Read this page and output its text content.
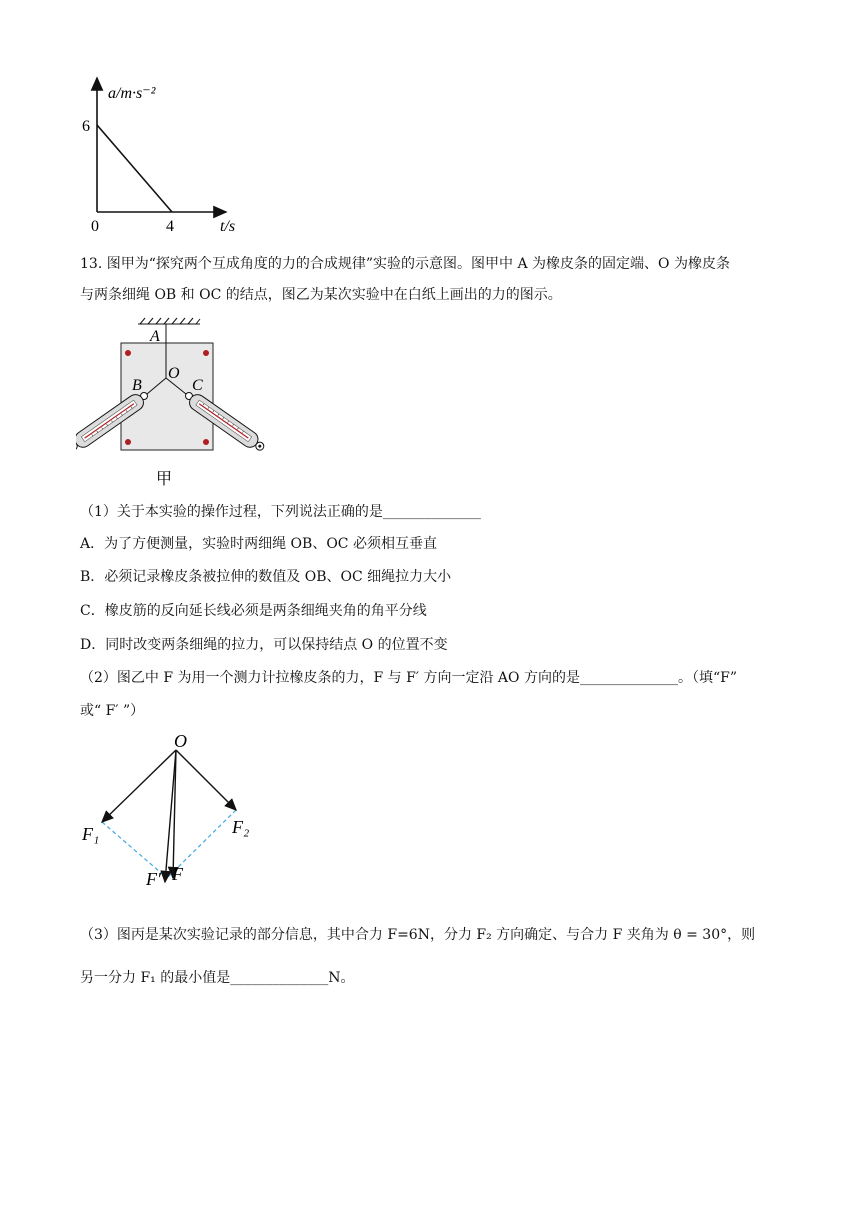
a/m·s⁻²
t/s
6
4
0
13. 图甲为“探究两个互成角度的力的合成规律”实验的示意图。图甲中 A 为橡皮条的固定端、O 为橡皮条
与两条细绳 OB 和 OC 的结点，图乙为某次实验中在白纸上画出的力的图示。
A
O
B	C
甲
（1）关于本实验的操作过程，下列说法正确的是______________
A．为了方便测量，实验时两细绳 OB、OC 必须相互垂直
B．必须记录橡皮条被拉伸的数值及 OB、OC 细绳拉力大小
C．橡皮筋的反向延长线必须是两条细绳夹角的角平分线
D．同时改变两条细绳的拉力，可以保持结点 O 的位置不变
（2）图乙中 F 为用一个测力计拉橡皮条的力，F 与 F′ 方向一定沿 AO 方向的是______________。（填“F”
或“ F′ ”）
O
F₁	F₂
F′ F
（3）图丙是某次实验记录的部分信息，其中合力 F=6N，分力 F₂ 方向确定、与合力 F 夹角为 θ = 30°，则
另一分力 F₁ 的最小值是______________N。
